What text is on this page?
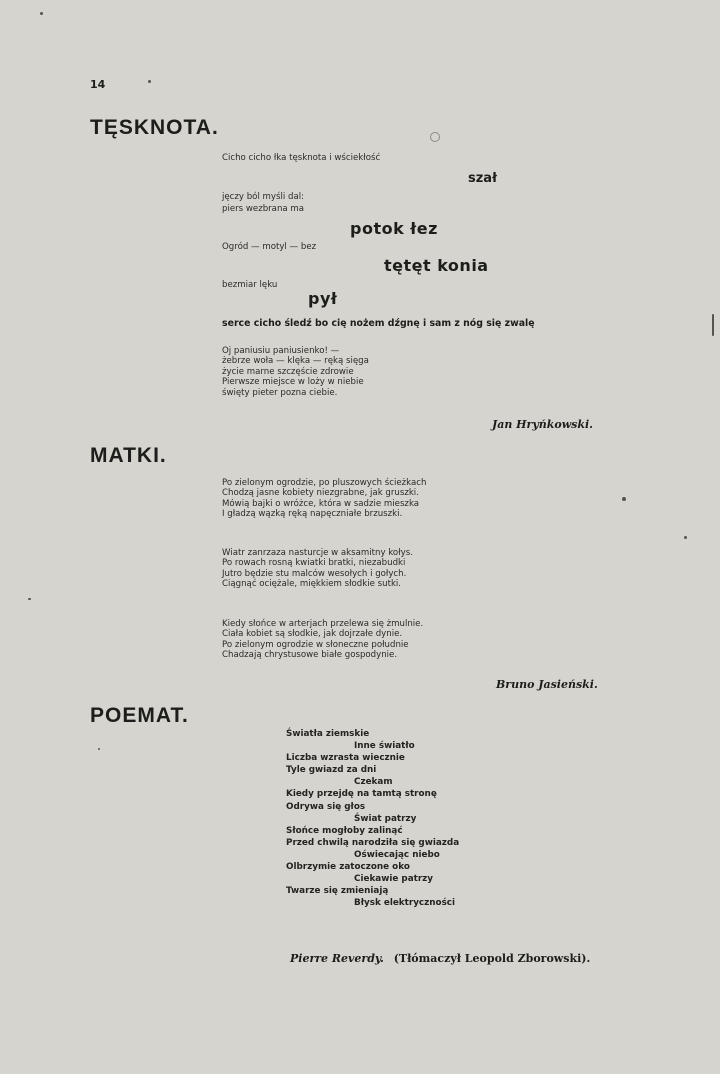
14
TĘSKNOTA.
Cicho cicho łka tęsknota i wściekłość
szał
jęczy ból myśli dal:
piers wezbrana ma
potok łez
Ogród — motyl — bez
tętęt konia
bezmiar lęku
pył
serce cicho śledź bo cię nożem dźgnę i sam z nóg się zwalę
Oj paniusiu paniusienko! —
żebrze woła — klęka — ręką sięga
życie marne szczęście zdrowie
Pierwsze miejsce w loży w niebie
święty pieter pozna ciebie.
Jan Hryńkowski.
MATKI.
Po zielonym ogrodzie, po pluszowych ścieżkach
Chodzą jasne kobiety niezgrabne, jak gruszki.
Mówią bajki o wróżce, która w sadzie mieszka
I gładzą wązką ręką napęczniałe brzuszki.
Wiatr zanrzaza nasturcje w aksamitny kołys.
Po rowach rosną kwiatki bratki, niezabudki
Jutro będzie stu malców wesołych i gołych.
Ciągnąć ociężale, miękkiem słodkie sutki.
Kiedy słońce w arterjach przelewa się żmulnie.
Ciała kobiet są słodkie, jak dojrzałe dynie.
Po zielonym ogrodzie w słoneczne południe
Chadzają chrystusowe białe gospodynie.
Bruno Jasieński.
POEMAT.
Światła ziemskie
Inne światło
Liczba wzrasta wiecznie
Tyle gwiazd za dni
Czekam
Kiedy przejdę na tamtą stronę
Odrywa się głos
Świat patrzy
Słońce mogłoby zalinąć
Przed chwilą narodziła się gwiazda
Oświecając niebo
Olbrzymie zatoczone oko
Ciekawie patrzy
Twarze się zmieniają
Błysk elektryczności
Pierre Reverdy. (Tłómaczył Leopold Zborowski).
